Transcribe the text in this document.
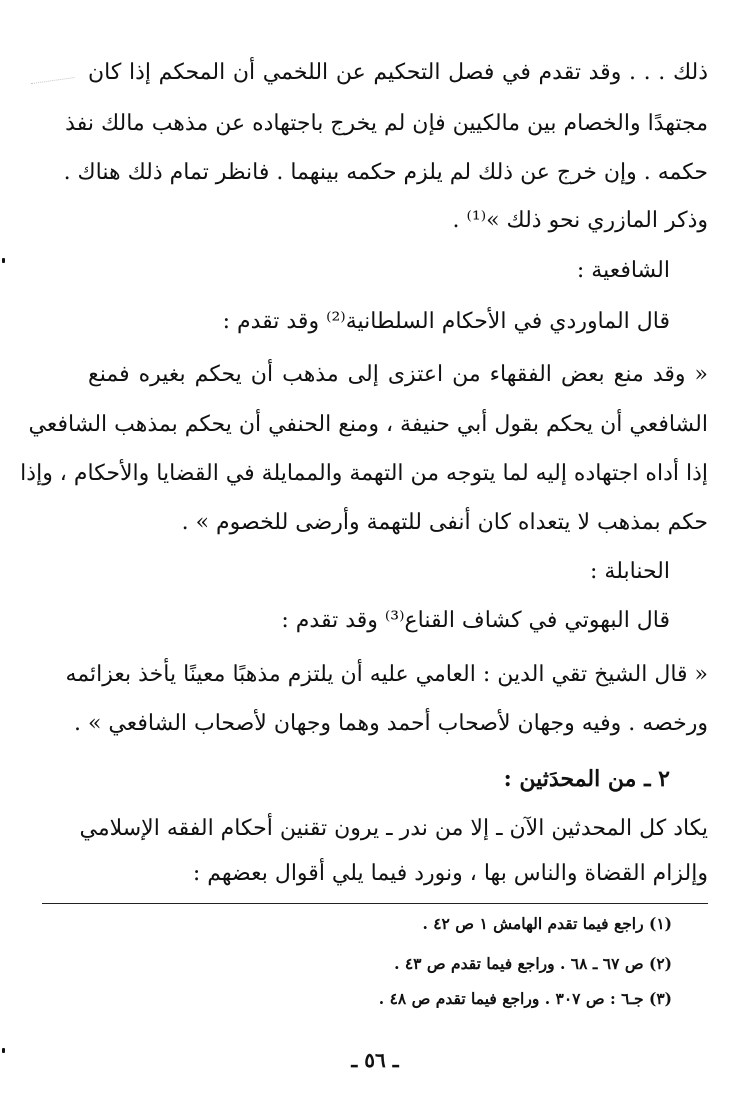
ذلك . . . وقد تقدم في فصل التحكيم عن اللخمي أن المحكم إذا كان
مجتهدًا والخصام بين مالكيين فإن لم يخرج باجتهاده عن مذهب مالك نفذ
حكمه . وإن خرج عن ذلك لم يلزم حكمه بينهما . فانظر تمام ذلك هناك .
وذكر المازري نحو ذلك »⁽¹⁾ .
الشافعية :
قال الماوردي في الأحكام السلطانية⁽²⁾ وقد تقدم :
« وقد منع بعض الفقهاء من اعتزى إلى مذهب أن يحكم بغيره فمنع
الشافعي أن يحكم بقول أبي حنيفة ، ومنع الحنفي أن يحكم بمذهب الشافعي
إذا أداه اجتهاده إليه لما يتوجه من التهمة والممايلة في القضايا والأحكام ، وإذا
حكم بمذهب لا يتعداه كان أنفى للتهمة وأرضى للخصوم » .
الحنابلة :
قال البهوتي في كشاف القناع⁽³⁾ وقد تقدم :
« قال الشيخ تقي الدين : العامي عليه أن يلتزم مذهبًا معينًا يأخذ بعزائمه
ورخصه . وفيه وجهان لأصحاب أحمد وهما وجهان لأصحاب الشافعي » .
٢ ـ من المحدَثين :
يكاد كل المحدثين الآن ـ إلا من ندر ـ يرون تقنين أحكام الفقه الإسلامي
وإلزام القضاة والناس بها ، ونورد فيما يلي أقوال بعضهم :
(١) راجع فيما تقدم الهامش ١ ص ٤٢ .
(٢) ص ٦٧ ـ ٦٨ . وراجع فيما تقدم ص ٤٣ .
(٣) جـ٦ : ص ٣٠٧ . وراجع فيما تقدم ص ٤٨ .
ـ ٥٦ ـ
